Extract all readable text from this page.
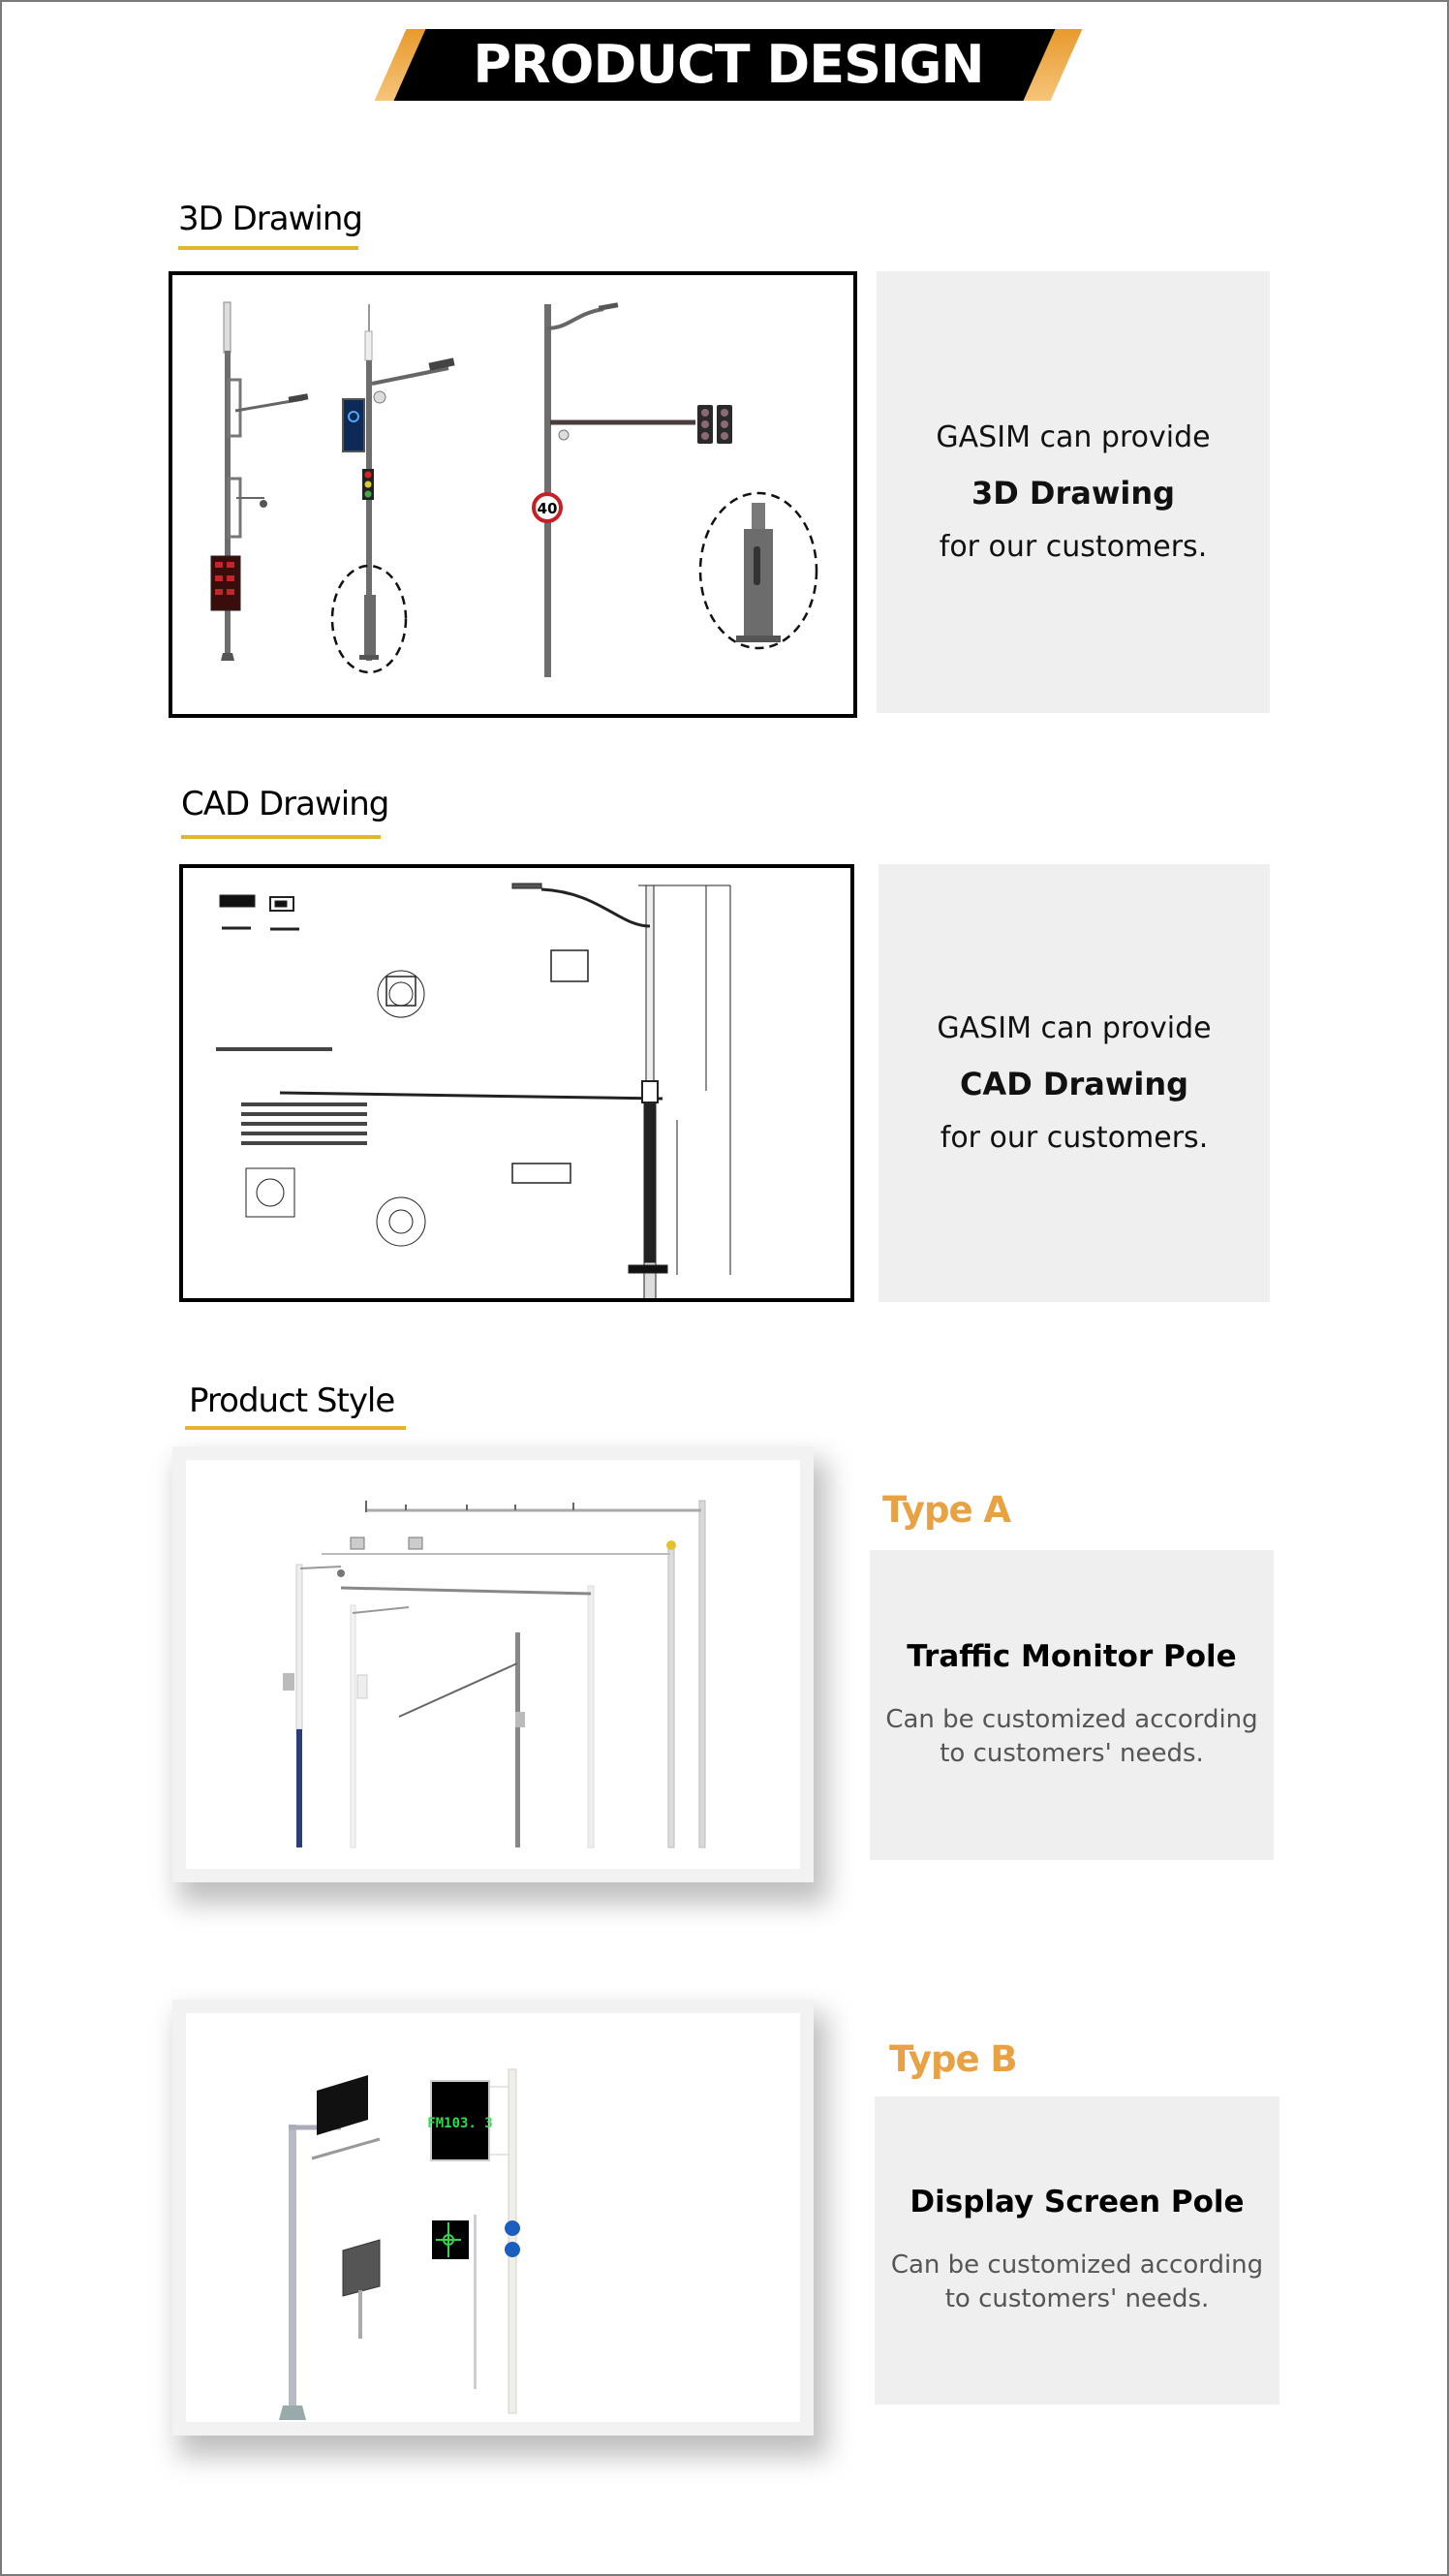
PRODUCT DESIGN
3D Drawing
40
GASIM can provide
3D Drawing
for our customers.
CAD Drawing
GASIM can provide
CAD Drawing
for our customers.
Product Style
Type A
Traffic Monitor Pole
Can be customized according
to customers' needs.
FM103. 3
Type B
Display Screen Pole
Can be customized according
to customers' needs.
